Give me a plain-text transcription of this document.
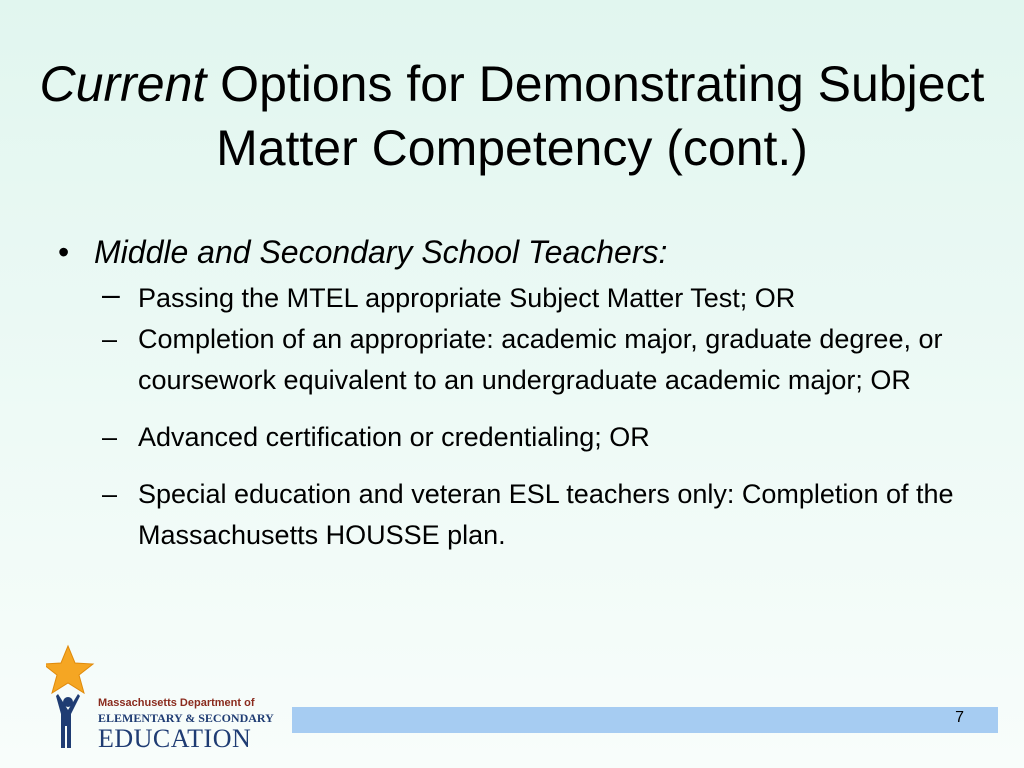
Current Options for Demonstrating Subject Matter Competency (cont.)
• Middle and Secondary School Teachers:
– Passing the MTEL appropriate Subject Matter Test; OR
– Completion of an appropriate: academic major, graduate degree, or coursework equivalent to an undergraduate academic major; OR
– Advanced certification or credentialing; OR
– Special education and veteran ESL teachers only: Completion of the Massachusetts HOUSSE plan.
Massachusetts Department of
ELEMENTARY & SECONDARY
EDUCATION
7
